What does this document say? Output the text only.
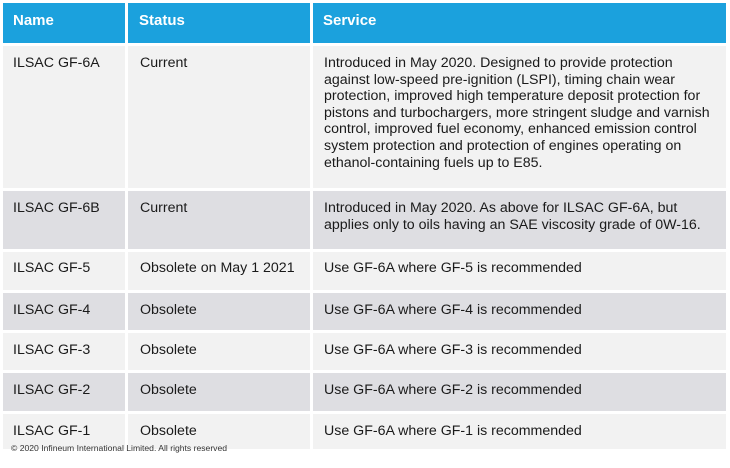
Name	Status	Service
ILSAC GF-6A	Current	Introduced in May 2020. Designed to provide protection against low-speed pre-ignition (LSPI), timing chain wear protection, improved high temperature deposit protection for pistons and turbochargers, more stringent sludge and varnish control, improved fuel economy, enhanced emission control system protection and protection of engines operating on ethanol-containing fuels up to E85.
ILSAC GF-6B	Current	Introduced in May 2020. As above for ILSAC GF-6A, but applies only to oils having an SAE viscosity grade of 0W-16.
ILSAC GF-5	Obsolete on May 1 2021	Use GF-6A where GF-5 is recommended
ILSAC GF-4	Obsolete	Use GF-6A where GF-4 is recommended
ILSAC GF-3	Obsolete	Use GF-6A where GF-3 is recommended
ILSAC GF-2	Obsolete	Use GF-6A where GF-2 is recommended
ILSAC GF-1	Obsolete	Use GF-6A where GF-1 is recommended
© 2020 Infineum International Limited. All rights reserved
